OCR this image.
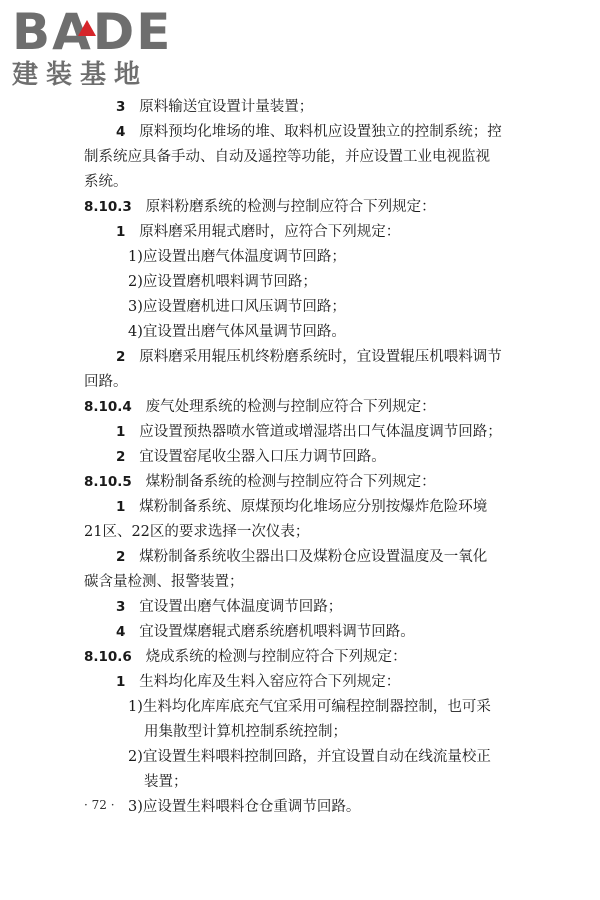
BADE
建装基地
3 原料输送宜设置计量装置；
4 原料预均化堆场的堆、取料机应设置独立的控制系统；控
制系统应具备手动、自动及遥控等功能，并应设置工业电视监视
系统。
8.10.3 原料粉磨系统的检测与控制应符合下列规定：
1 原料磨采用辊式磨时，应符合下列规定：
1)应设置出磨气体温度调节回路；
2)应设置磨机喂料调节回路；
3)应设置磨机进口风压调节回路；
4)宜设置出磨气体风量调节回路。
2 原料磨采用辊压机终粉磨系统时，宜设置辊压机喂料调节
回路。
8.10.4 废气处理系统的检测与控制应符合下列规定：
1 应设置预热器喷水管道或增湿塔出口气体温度调节回路；
2 宜设置窑尾收尘器入口压力调节回路。
8.10.5 煤粉制备系统的检测与控制应符合下列规定：
1 煤粉制备系统、原煤预均化堆场应分别按爆炸危险环境
21区、22区的要求选择一次仪表；
2 煤粉制备系统收尘器出口及煤粉仓应设置温度及一氧化
碳含量检测、报警装置；
3 宜设置出磨气体温度调节回路；
4 宜设置煤磨辊式磨系统磨机喂料调节回路。
8.10.6 烧成系统的检测与控制应符合下列规定：
1 生料均化库及生料入窑应符合下列规定：
1)生料均化库库底充气宜采用可编程控制器控制，也可采
用集散型计算机控制系统控制；
2)宜设置生料喂料控制回路，并宜设置自动在线流量校正
装置；
3)应设置生料喂料仓仓重调节回路。
· 72 ·
